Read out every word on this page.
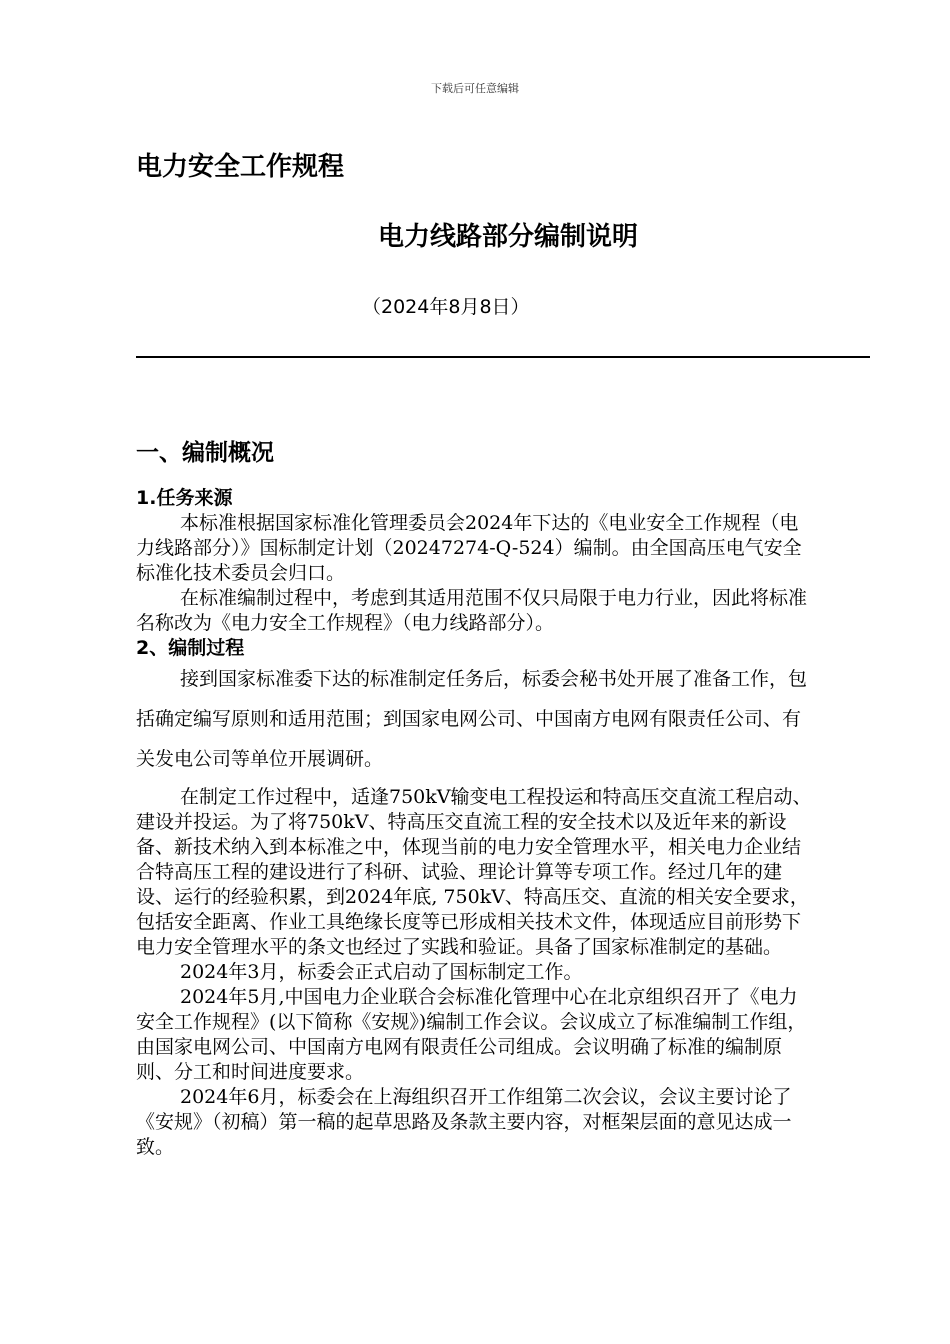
下载后可任意编辑
电力安全工作规程
电力线路部分编制说明
（2024年8月8日）
一、编制概况

1.任务来源

本标准根据国家标准化管理委员会2024年下达的《电业安全工作规程（电力线路部分）》国标制定计划（20247274-Q-524）编制。由全国高压电气安全标准化技术委员会归口。

在标准编制过程中，考虑到其适用范围不仅只局限于电力行业，因此将标准名称改为《电力安全工作规程》（电力线路部分）。

2、编制过程

接到国家标准委下达的标准制定任务后，标委会秘书处开展了准备工作，包括确定编写原则和适用范围；到国家电网公司、中国南方电网有限责任公司、有关发电公司等单位开展调研。

在制定工作过程中，适逢750kV输变电工程投运和特高压交直流工程启动、建设并投运。为了将750kV、特高压交直流工程的安全技术以及近年来的新设备、新技术纳入到本标准之中，体现当前的电力安全管理水平，相关电力企业结合特高压工程的建设进行了科研、试验、理论计算等专项工作。经过几年的建设、运行的经验积累，到2024年底, 750kV、特高压交、直流的相关安全要求，包括安全距离、作业工具绝缘长度等已形成相关技术文件，体现适应目前形势下电力安全管理水平的条文也经过了实践和验证。具备了国家标准制定的基础。

2024年3月，标委会正式启动了国标制定工作。

2024年5月,中国电力企业联合会标准化管理中心在北京组织召开了《电力安全工作规程》(以下简称《安规》)编制工作会议。会议成立了标准编制工作组，由国家电网公司、中国南方电网有限责任公司组成。会议明确了标准的编制原则、分工和时间进度要求。

2024年6月，标委会在上海组织召开工作组第二次会议，会议主要讨论了《安规》（初稿）第一稿的起草思路及条款主要内容，对框架层面的意见达成一致。
